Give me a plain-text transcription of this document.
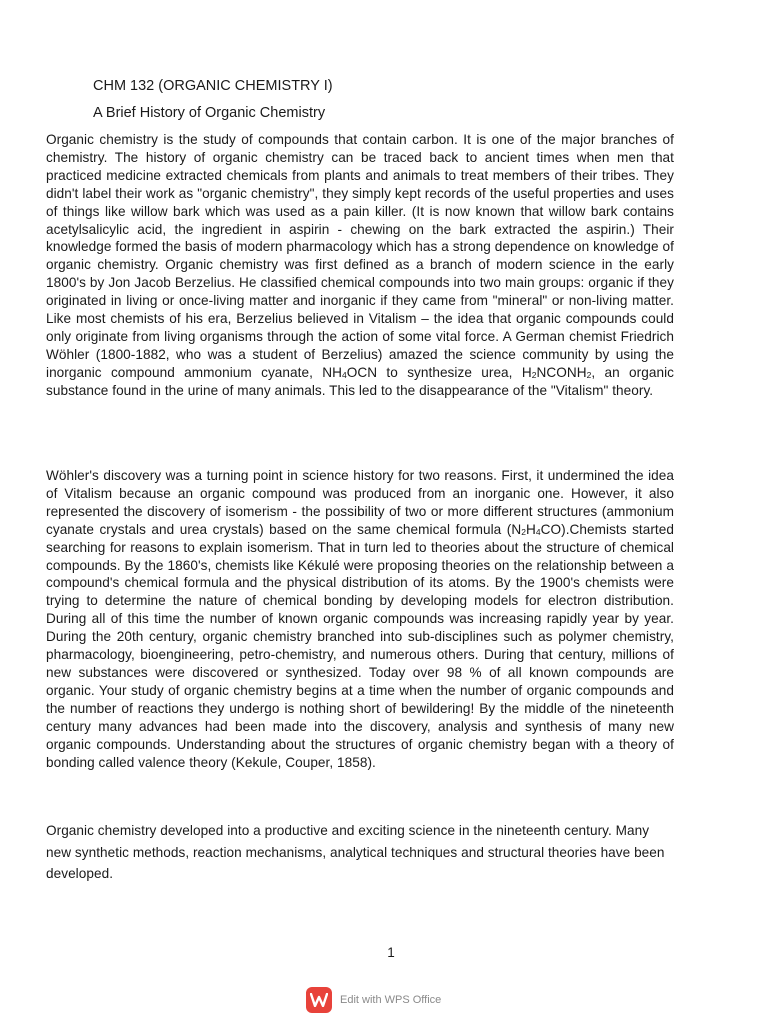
CHM 132 (ORGANIC CHEMISTRY I)
A Brief History of Organic Chemistry

Organic chemistry is the study of compounds that contain carbon. It is one of the major branches of chemistry. The history of organic chemistry can be traced back to ancient times when men that practiced medicine extracted chemicals from plants and animals to treat members of their tribes. They didn't label their work as "organic chemistry", they simply kept records of the useful properties and uses of things like willow bark which was used as a pain killer. (It is now known that willow bark contains acetylsalicylic acid, the ingredient in aspirin - chewing on the bark extracted the aspirin.) Their knowledge formed the basis of modern pharmacology which has a strong dependence on knowledge of organic chemistry. Organic chemistry was first defined as a branch of modern science in the early 1800's by Jon Jacob Berzelius. He classified chemical compounds into two main groups: organic if they originated in living or once-living matter and inorganic if they came from "mineral" or non-living matter. Like most chemists of his era, Berzelius believed in Vitalism – the idea that organic compounds could only originate from living organisms through the action of some vital force. A German chemist Friedrich Wöhler (1800-1882, who was a student of Berzelius) amazed the science community by using the inorganic compound ammonium cyanate, $NH_4OCN$ to synthesize urea, $H_2NCONH_2$, an organic substance found in the urine of many animals. This led to the disappearance of the "Vitalism" theory.

Wöhler's discovery was a turning point in science history for two reasons. First, it undermined the idea of Vitalism because an organic compound was produced from an inorganic one. However, it also represented the discovery of isomerism - the possibility of two or more different structures (ammonium cyanate crystals and urea crystals) based on the same chemical formula $(N_2H_4CO).Chemists$ started searching for reasons to explain isomerism. That in turn led to theories about the structure of chemical compounds. By the 1860's, chemists like Kékulé were proposing theories on the relationship between a compound's chemical formula and the physical distribution of its atoms. By the 1900's chemists were trying to determine the nature of chemical bonding by developing models for electron distribution. During all of this time the number of known organic compounds was increasing rapidly year by year. During the 20th century, organic chemistry branched into sub-disciplines such as polymer chemistry, pharmacology, bioengineering, petro-chemistry, and numerous others. During that century, millions of new substances were discovered or synthesized. Today over 98 % of all known compounds are organic. Your study of organic chemistry begins at a time when the number of organic compounds and the number of reactions they undergo is nothing short of bewildering! By the middle of the nineteenth century many advances had been made into the discovery, analysis and synthesis of many new organic compounds. Understanding about the structures of organic chemistry began with a theory of bonding called valence theory (Kekule, Couper, 1858).

Organic chemistry developed into a productive and exciting science in the nineteenth century. Many new synthetic methods, reaction mechanisms, analytical techniques and structural theories have been developed.

1
Edit with WPS Office
